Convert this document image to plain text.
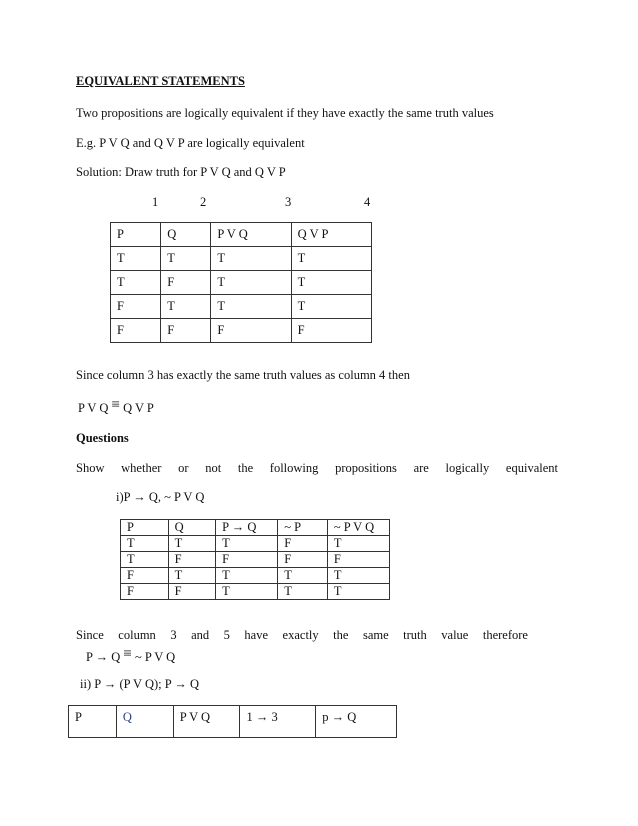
EQUIVALENT STATEMENTS
Two propositions are logically equivalent if they have exactly the same truth values
E.g. P V Q and Q V P are logically equivalent
Solution: Draw truth for P V Q and Q V P
1	2	3	4
P	Q	P V Q	Q V P
T	T	T	T
T	F	T	T
F	T	T	T
F	F	F	F
Since column 3 has exactly the same truth values as column 4 then
P V Q ≡ Q V P
Questions
Show whether or not the following propositions are logically equivalent
i)P → Q, ~ P V Q
P	Q	P → Q	~ P	~ P V Q
T	T	T	F	T
T	F	F	F	F
F	T	T	T	T
F	F	T	T	T
Since column 3 and 5 have exactly the same truth value therefore
P → Q ≡ ~ P V Q
ii) P → (P V Q); P → Q
P	Q	P V Q	1 → 3	p → Q
